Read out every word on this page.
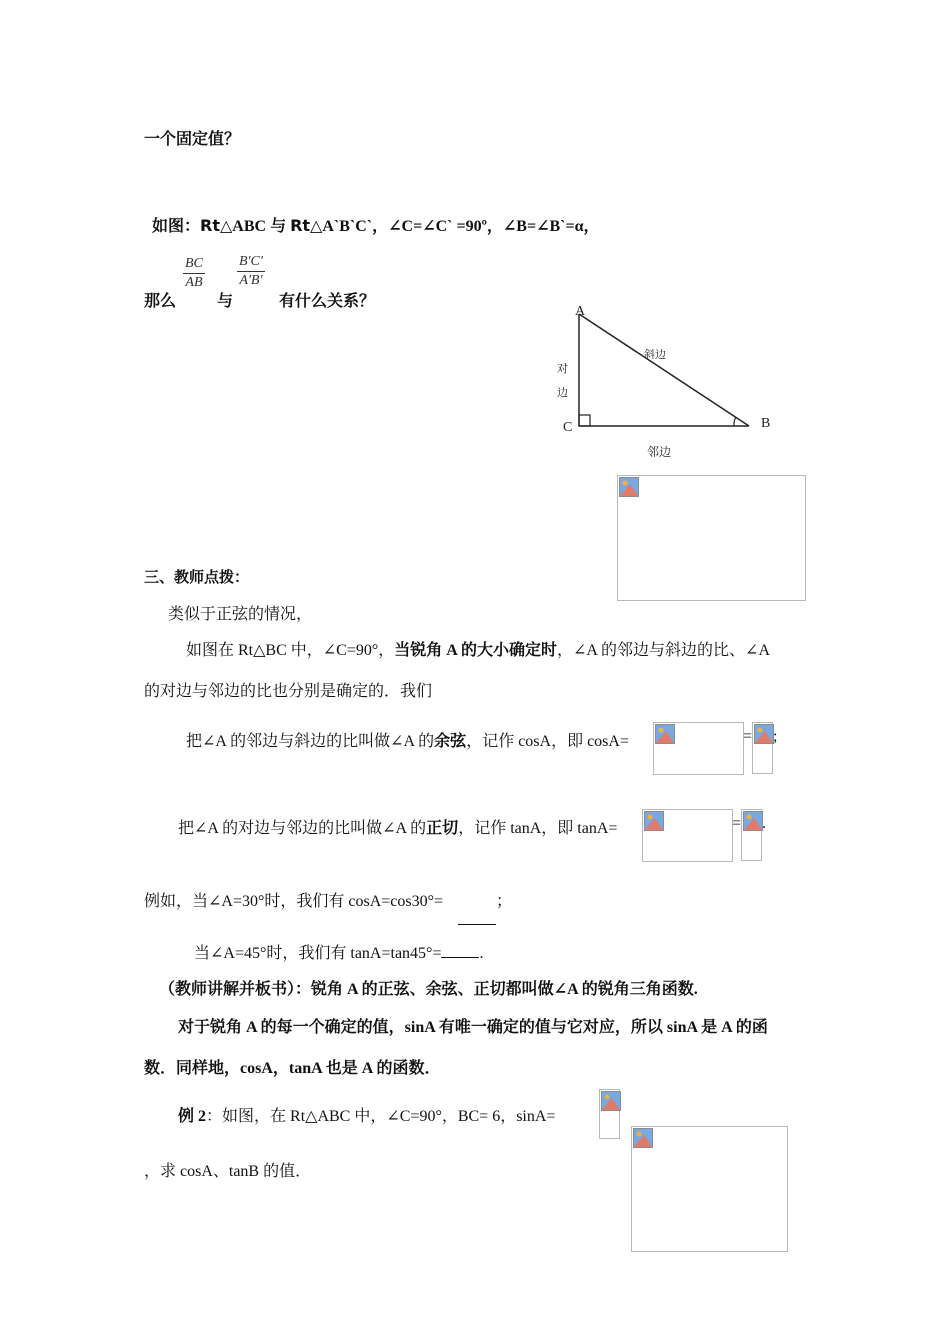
一个固定值？
如图：Rt△ABC 与 Rt△A`B`C`，∠C=∠C` =90º，∠B=∠B`=α，
那么
BC
AB
与
B'C'
A'B'
有什么关系？
A
B
C
斜边
对
边
邻边
三、教师点拨：
类似于正弦的情况，
如图在 Rt△BC 中，∠C=90°，当锐角 A 的大小确定时，∠A 的邻边与斜边的比、∠A
的对边与邻边的比也分别是确定的．我们
把∠A 的邻边与斜边的比叫做∠A 的余弦，记作 cosA，即 cosA=	= ;
把∠A 的对边与邻边的比叫做∠A 的正切，记作 tanA，即 tanA=	= .
例如，当∠A=30°时，我们有 cosA=cos30°=	；
当∠A=45°时，我们有 tanA=tan45°= .
（教师讲解并板书）：锐角 A 的正弦、余弦、正切都叫做∠A 的锐角三角函数.
对于锐角 A 的每一个确定的值，sinA 有唯一确定的值与它对应，所以 sinA 是 A 的函
数．同样地，cosA，tanA 也是 A 的函数．
例 2：如图，在 Rt△ABC 中，∠C=90°，BC= 6，sinA=
，求 cosA、tanB 的值．
